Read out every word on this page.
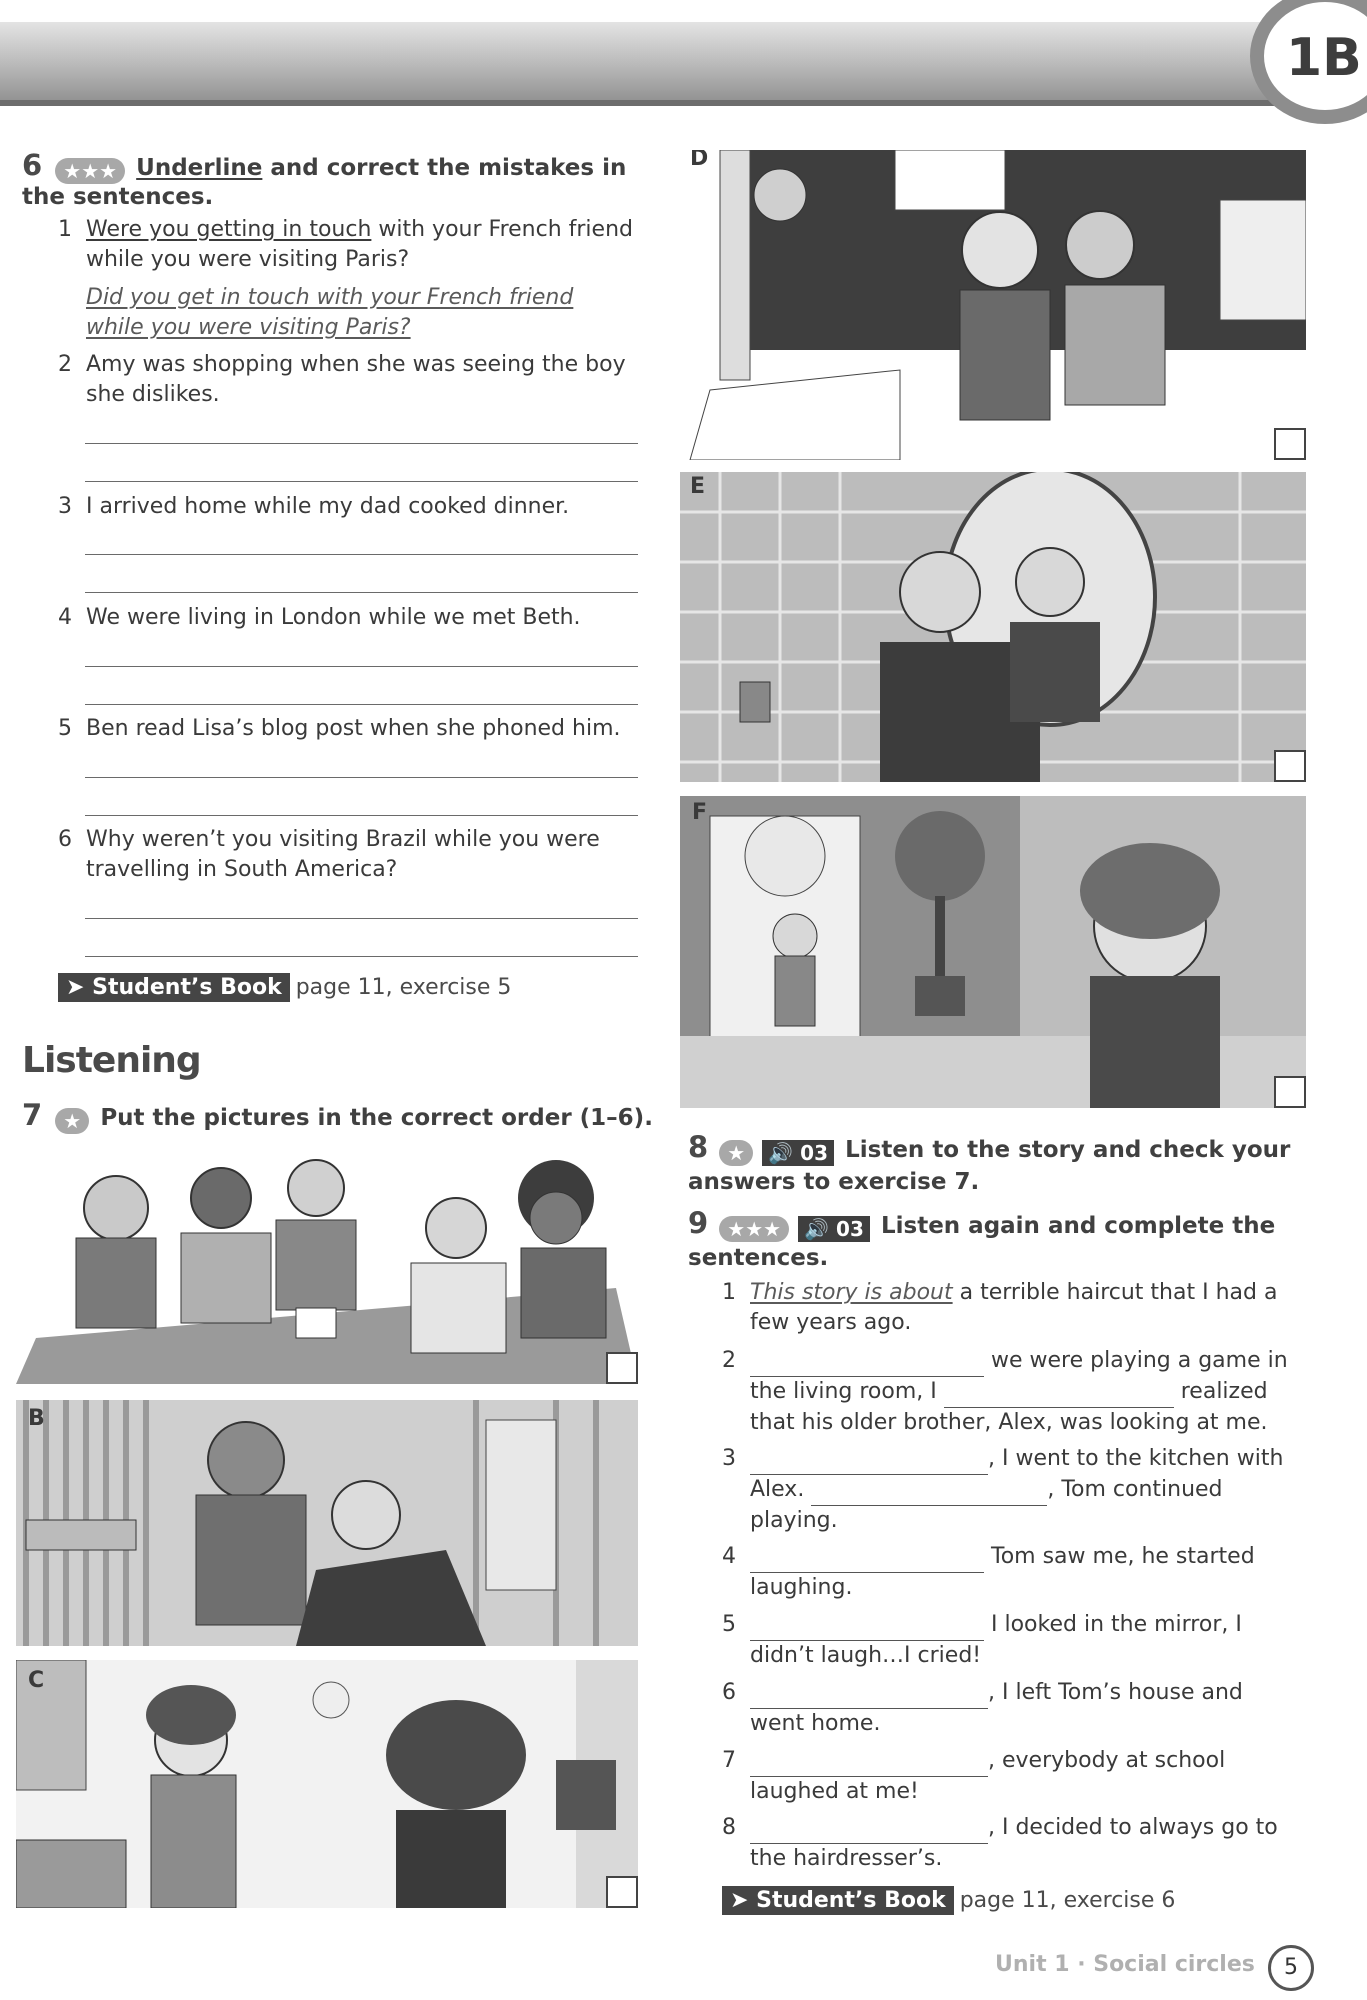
1B
6 ★★★ Underline and correct the mistakes in the sentences.
1 Were you getting in touch with your French friend while you were visiting Paris?
Did you get in touch with your French friend
while you were visiting Paris?
2 Amy was shopping when she was seeing the boy she dislikes.
3 I arrived home while my dad cooked dinner.
4 We were living in London while we met Beth.
5 Ben read Lisa’s blog post when she phoned him.
6 Why weren’t you visiting Brazil while you were travelling in South America?
➤ Student’s Book page 11, exercise 5
Listening
7 ★ Put the pictures in the correct order (1–6).
B
C
D
E
F
8 ★ 🔊 03 Listen to the story and check your answers to exercise 7.
9 ★★★ 🔊 03 Listen again and complete the sentences.
1 This story is about a terrible haircut that I had a few years ago.
2	we were playing a game in the living room, I	realized that his older brother, Alex, was looking at me.
3	, I went to the kitchen with Alex.	, Tom continued playing.
4	Tom saw me, he started laughing.
5	I looked in the mirror, I didn’t laugh…I cried!
6	, I left Tom’s house and went home.
7	, everybody at school laughed at me!
8	, I decided to always go to the hairdresser’s.
➤ Student’s Book page 11, exercise 6
Unit 1 · Social circles	5
